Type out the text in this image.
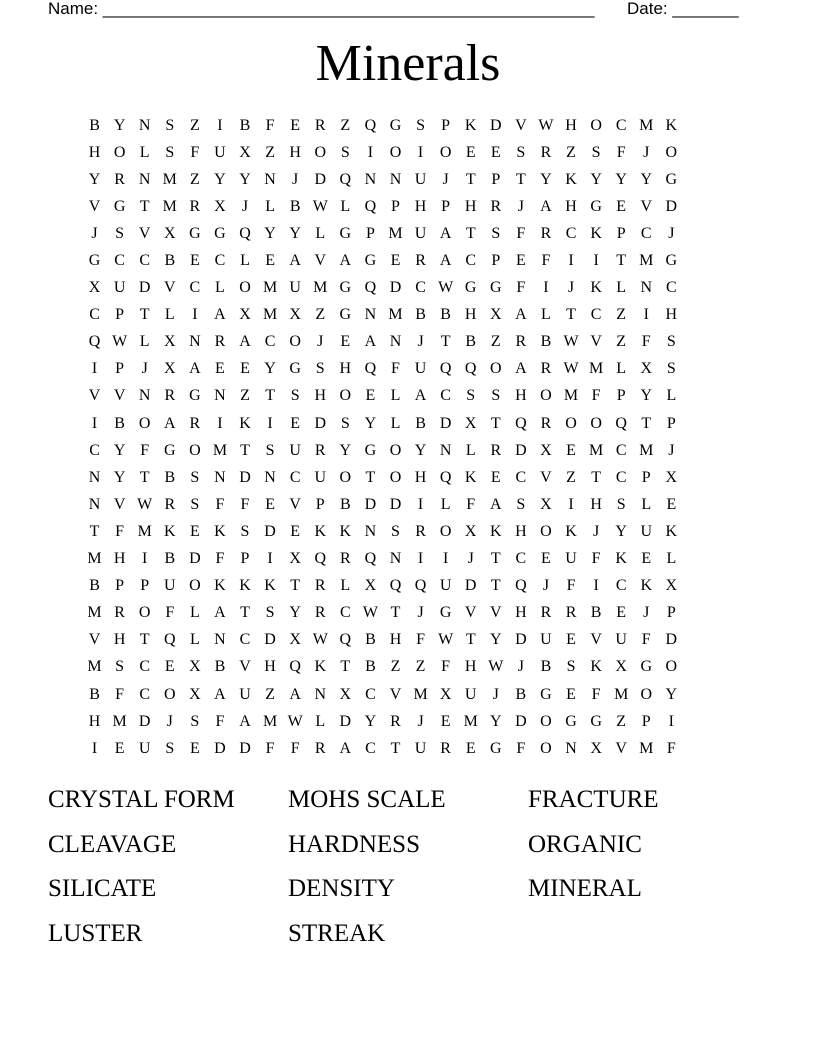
Name: ____________________________________________________ Date: _______
Minerals
B Y N S Z	I	B F E R Z Q G S	P K D V W H O C M K
H O L S	F U X Z H O S	I	O	I	O E E S R Z S	F	J	O
Y R N M Z Y Y N	J	D Q N N U	J	T P T Y K Y Y Y G
V G T M R X	J	L B W L Q P H P H R	J	A H G E V D
J	S V X G G Q Y Y L G P M U A T S	F R C K P C	J
G C C B E C L E A V A G E R A C P E F	I	I	T M G
X U D V C L O M U M G Q D C W G G F	I	J	K L N C
C P T L	I	A X M X Z G N M B B H X A L T C Z	I	H
Q W L X N R A C O	J	E A N	J	T B Z R B W V Z F	S
I	P	J	X A E E Y G S H Q F U Q Q O A R W M L X S
V V N R G N Z T S H O E L A C S	S H O M F	P Y L
I	B O A R	I	K	I	E D S Y L B D X T Q R O O Q T P
C Y F G O M T S U R Y G O Y N L R D X E M C M J
N Y T B S N D N C U O T O H Q K E C V Z T C P X
N V W R S	F	F E V P B D D	I	L F A S X	I	H S L E
T F M K E K S D E K K N S R O X K H O K	J	Y U K
M H	I	B D F	P	I	X Q R Q N	I	I	J	T C E U F K E L
B P	P U O K K K T R L X Q Q U D T Q	J	F	I	C K X
M R O F L A T S Y R C W T	J	G V V H R R B E	J	P
V H T Q L N C D X W Q B H F W T Y D U E V U F D
M S C E X B V H Q K T B Z Z F H W J	B S K X G O
B F C O X A U Z A N X C V M X U	J	B G E F M O Y
H M D	J	S	F A M W L D Y R	J	E M Y D O G G Z P	I
I	E U S E D D F	F R A C T U R E G F O N X V M F
CRYSTAL FORM	MOHS SCALE	FRACTURE
CLEAVAGE	HARDNESS	ORGANIC
SILICATE	DENSITY	MINERAL
LUSTER	STREAK
